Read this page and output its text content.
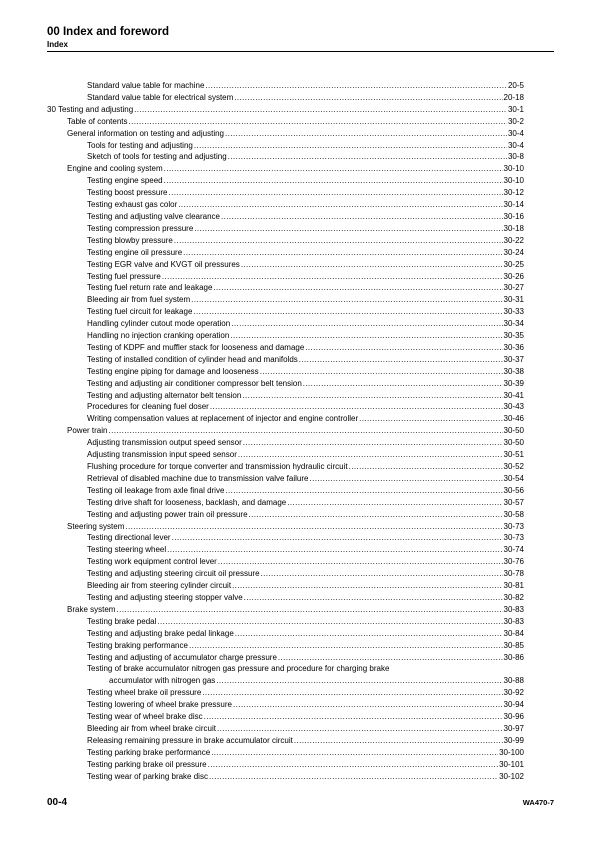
00 Index and foreword
Index
Standard value table for machine .....	20-5
Standard value table for electrical system .....	20-18
30 Testing and adjusting .....	30-1
Table of contents .....	30-2
General information on testing and adjusting .....	30-4
Tools for testing and adjusting .....	30-4
Sketch of tools for testing and adjusting .....	30-8
Engine and cooling system .....	30-10
Testing engine speed .....	30-10
Testing boost pressure .....	30-12
Testing exhaust gas color .....	30-14
Testing and adjusting valve clearance .....	30-16
Testing compression pressure .....	30-18
Testing blowby pressure .....	30-22
Testing engine oil pressure .....	30-24
Testing EGR valve and KVGT oil pressures .....	30-25
Testing fuel pressure .....	30-26
Testing fuel return rate and leakage .....	30-27
Bleeding air from fuel system .....	30-31
Testing fuel circuit for leakage .....	30-33
Handling cylinder cutout mode operation .....	30-34
Handling no injection cranking operation .....	30-35
Testing of KDPF and muffler stack for looseness and damage .....	30-36
Testing of installed condition of cylinder head and manifolds .....	30-37
Testing engine piping for damage and looseness .....	30-38
Testing and adjusting air conditioner compressor belt tension .....	30-39
Testing and adjusting alternator belt tension .....	30-41
Procedures for cleaning fuel doser .....	30-43
Writing compensation values at replacement of injector and engine controller .....	30-46
Power train .....	30-50
Adjusting transmission output speed sensor .....	30-50
Adjusting transmission input speed sensor .....	30-51
Flushing procedure for torque converter and transmission hydraulic circuit .....	30-52
Retrieval of disabled machine due to transmission valve failure .....	30-54
Testing oil leakage from axle final drive .....	30-56
Testing drive shaft for looseness, backlash, and damage .....	30-57
Testing and adjusting power train oil pressure .....	30-58
Steering system .....	30-73
Testing directional lever .....	30-73
Testing steering wheel .....	30-74
Testing work equipment control lever .....	30-76
Testing and adjusting steering circuit oil pressure .....	30-78
Bleeding air from steering cylinder circuit .....	30-81
Testing and adjusting steering stopper valve .....	30-82
Brake system .....	30-83
Testing brake pedal .....	30-83
Testing and adjusting brake pedal linkage .....	30-84
Testing braking performance .....	30-85
Testing and adjusting of accumulator charge pressure .....	30-86
Testing of brake accumulator nitrogen gas pressure and procedure for charging brake
accumulator with nitrogen gas .....	30-88
Testing wheel brake oil pressure .....	30-92
Testing lowering of wheel brake pressure .....	30-94
Testing wear of wheel brake disc .....	30-96
Bleeding air from wheel brake circuit .....	30-97
Releasing remaining pressure in brake accumulator circuit .....	30-99
Testing parking brake performance .....	30-100
Testing parking brake oil pressure .....	30-101
Testing wear of parking brake disc .....	30-102
00-4	WA470-7
